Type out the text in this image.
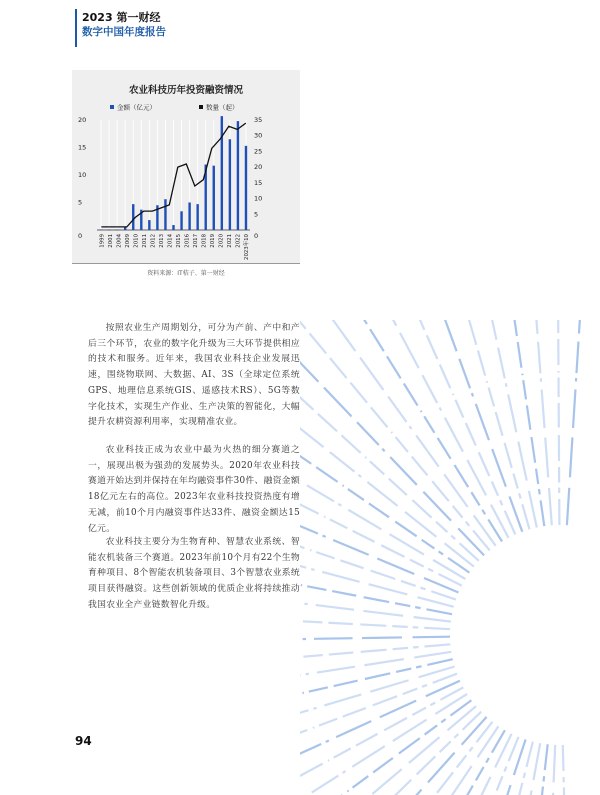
2023 第一财经
数字中国年度报告
农业科技历年投资融资情况
0
5
10
15
20
0
5
10
15
20
25
30
35
1999 2001 2004 2009 2010 2011 2012 2013 2014 2015 2016 2017 2018 2019 2020 2021 2022 2023年10
金额（亿元）	数量（起）
资料来源：IT桔子、第一财经

按照农业生产周期划分，可分为产前、产中和产后三个环节，农业的数字化升级为三大环节提供相应的技术和服务。近年来，我国农业科技企业发展迅速，围绕物联网、大数据、AI、3S（全球定位系统GPS、地理信息系统GIS、遥感技术RS）、5G等数字化技术，实现生产作业、生产决策的智能化，大幅提升农耕资源利用率，实现精准农业。

农业科技正成为农业中最为火热的细分赛道之一，展现出极为强劲的发展势头。2020年农业科技赛道开始达到并保持在年均融资事件30件、融资金额18亿元左右的高位。2023年农业科技投资热度有增无减，前10个月内融资事件达33件、融资金额达15亿元。

农业科技主要分为生物育种、智慧农业系统、智能农机装备三个赛道。2023年前10个月有22个生物育种项目、8个智能农机装备项目、3个智慧农业系统项目获得融资。这些创新领域的优质企业将持续推动我国农业全产业链数智化升级。

94
